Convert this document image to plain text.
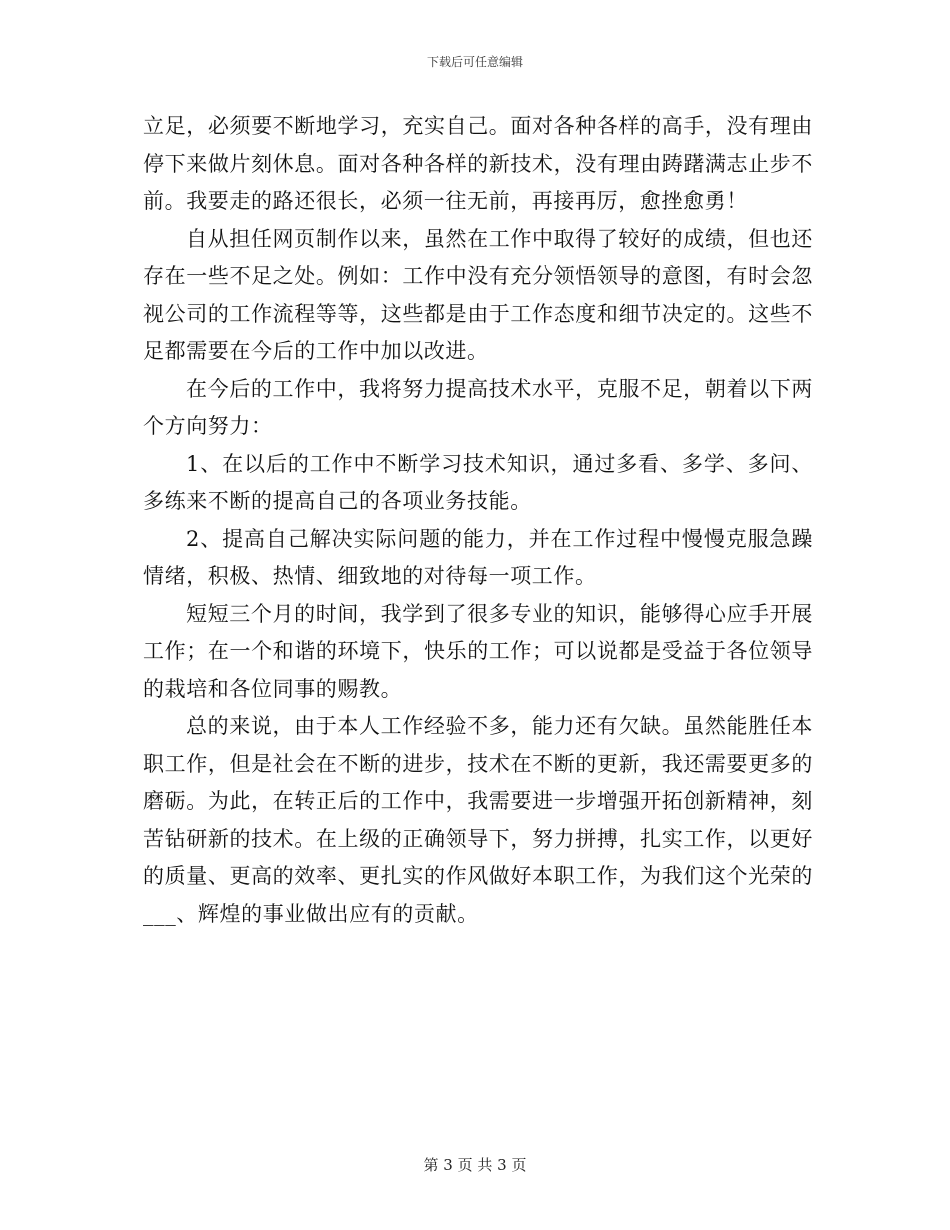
下载后可任意编辑

立足，必须要不断地学习，充实自己。面对各种各样的高手，没有理由停下来做片刻休息。面对各种各样的新技术，没有理由踌躇满志止步不前。我要走的路还很长，必须一往无前，再接再厉，愈挫愈勇！

自从担任网页制作以来，虽然在工作中取得了较好的成绩，但也还存在一些不足之处。例如：工作中没有充分领悟领导的意图，有时会忽视公司的工作流程等等，这些都是由于工作态度和细节决定的。这些不足都需要在今后的工作中加以改进。

在今后的工作中，我将努力提高技术水平，克服不足，朝着以下两个方向努力：

1、在以后的工作中不断学习技术知识，通过多看、多学、多问、多练来不断的提高自己的各项业务技能。

2、提高自己解决实际问题的能力，并在工作过程中慢慢克服急躁情绪，积极、热情、细致地的对待每一项工作。

短短三个月的时间，我学到了很多专业的知识，能够得心应手开展工作；在一个和谐的环境下，快乐的工作；可以说都是受益于各位领导的栽培和各位同事的赐教。

总的来说，由于本人工作经验不多，能力还有欠缺。虽然能胜任本职工作，但是社会在不断的进步，技术在不断的更新，我还需要更多的磨砺。为此，在转正后的工作中，我需要进一步增强开拓创新精神，刻苦钻研新的技术。在上级的正确领导下，努力拼搏，扎实工作，以更好的质量、更高的效率、更扎实的作风做好本职工作，为我们这个光荣的___、辉煌的事业做出应有的贡献。

第 3 页 共 3 页
